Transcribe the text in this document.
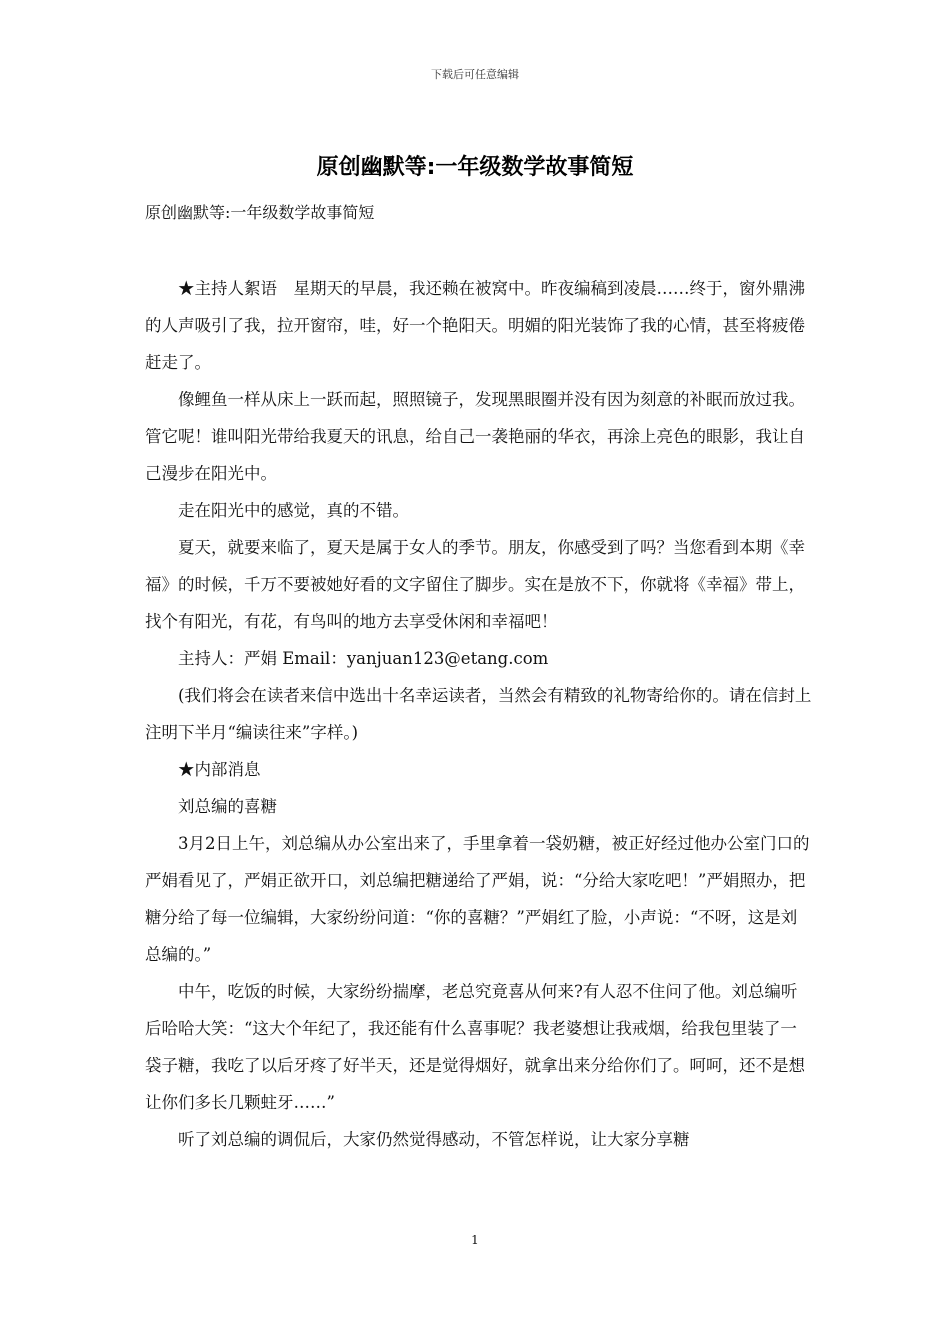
下载后可任意编辑
原创幽默等:一年级数学故事简短
原创幽默等:一年级数学故事简短

★主持人絮语　星期天的早晨，我还赖在被窝中。昨夜编稿到凌晨……终于，窗外鼎沸的人声吸引了我，拉开窗帘，哇，好一个艳阳天。明媚的阳光装饰了我的心情，甚至将疲倦赶走了。

像鲤鱼一样从床上一跃而起，照照镜子，发现黑眼圈并没有因为刻意的补眠而放过我。管它呢！谁叫阳光带给我夏天的讯息，给自己一袭艳丽的华衣，再涂上亮色的眼影，我让自己漫步在阳光中。

走在阳光中的感觉，真的不错。

夏天，就要来临了，夏天是属于女人的季节。朋友，你感受到了吗？当您看到本期《幸福》的时候，千万不要被她好看的文字留住了脚步。实在是放不下，你就将《幸福》带上，找个有阳光，有花，有鸟叫的地方去享受休闲和幸福吧！

主持人：严娟 Email：yanjuan123@etang.com

(我们将会在读者来信中选出十名幸运读者，当然会有精致的礼物寄给你的。请在信封上注明下半月“编读往来”字样。)

★内部消息

刘总编的喜糖

3月2日上午，刘总编从办公室出来了，手里拿着一袋奶糖，被正好经过他办公室门口的严娟看见了，严娟正欲开口，刘总编把糖递给了严娟，说：“分给大家吃吧！”严娟照办，把糖分给了每一位编辑，大家纷纷问道：“你的喜糖？”严娟红了脸，小声说：“不呀，这是刘总编的。”

中午，吃饭的时候，大家纷纷揣摩，老总究竟喜从何来?有人忍不住问了他。刘总编听后哈哈大笑：“这大个年纪了，我还能有什么喜事呢？我老婆想让我戒烟，给我包里装了一袋子糖，我吃了以后牙疼了好半天，还是觉得烟好，就拿出来分给你们了。呵呵，还不是想让你们多长几颗蛀牙……”

听了刘总编的调侃后，大家仍然觉得感动，不管怎样说，让大家分享糖

1
